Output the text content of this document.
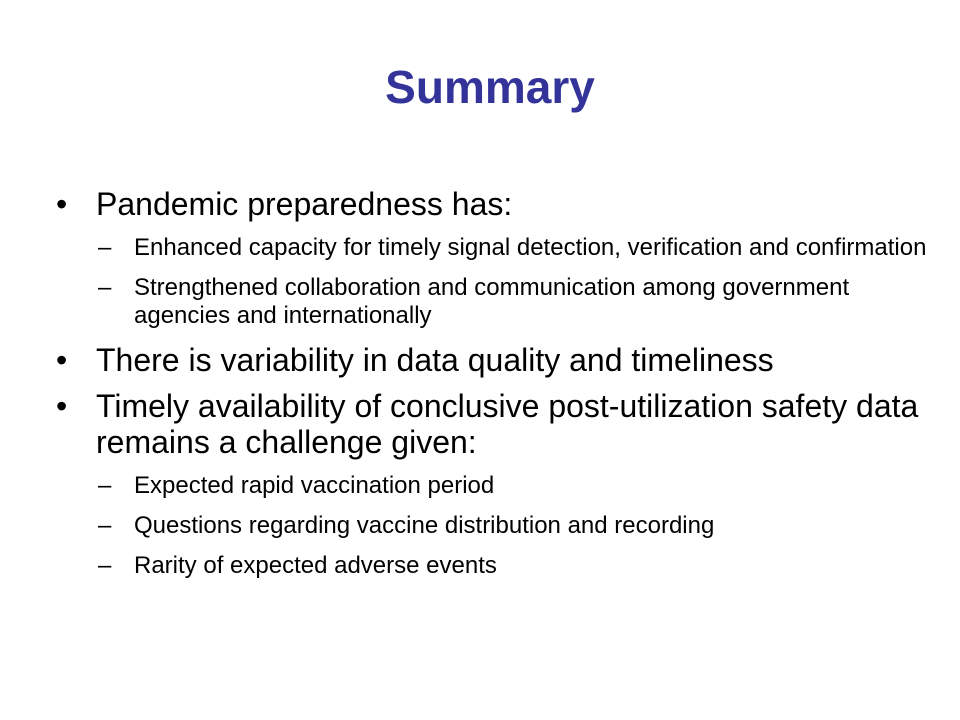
Summary
• Pandemic preparedness has:
– Enhanced capacity for timely signal detection, verification and confirmation
– Strengthened collaboration and communication among government agencies and internationally
• There is variability in data quality and timeliness
• Timely availability of conclusive post-utilization safety data remains a challenge given:
– Expected rapid vaccination period
– Questions regarding vaccine distribution and recording
– Rarity of expected adverse events
